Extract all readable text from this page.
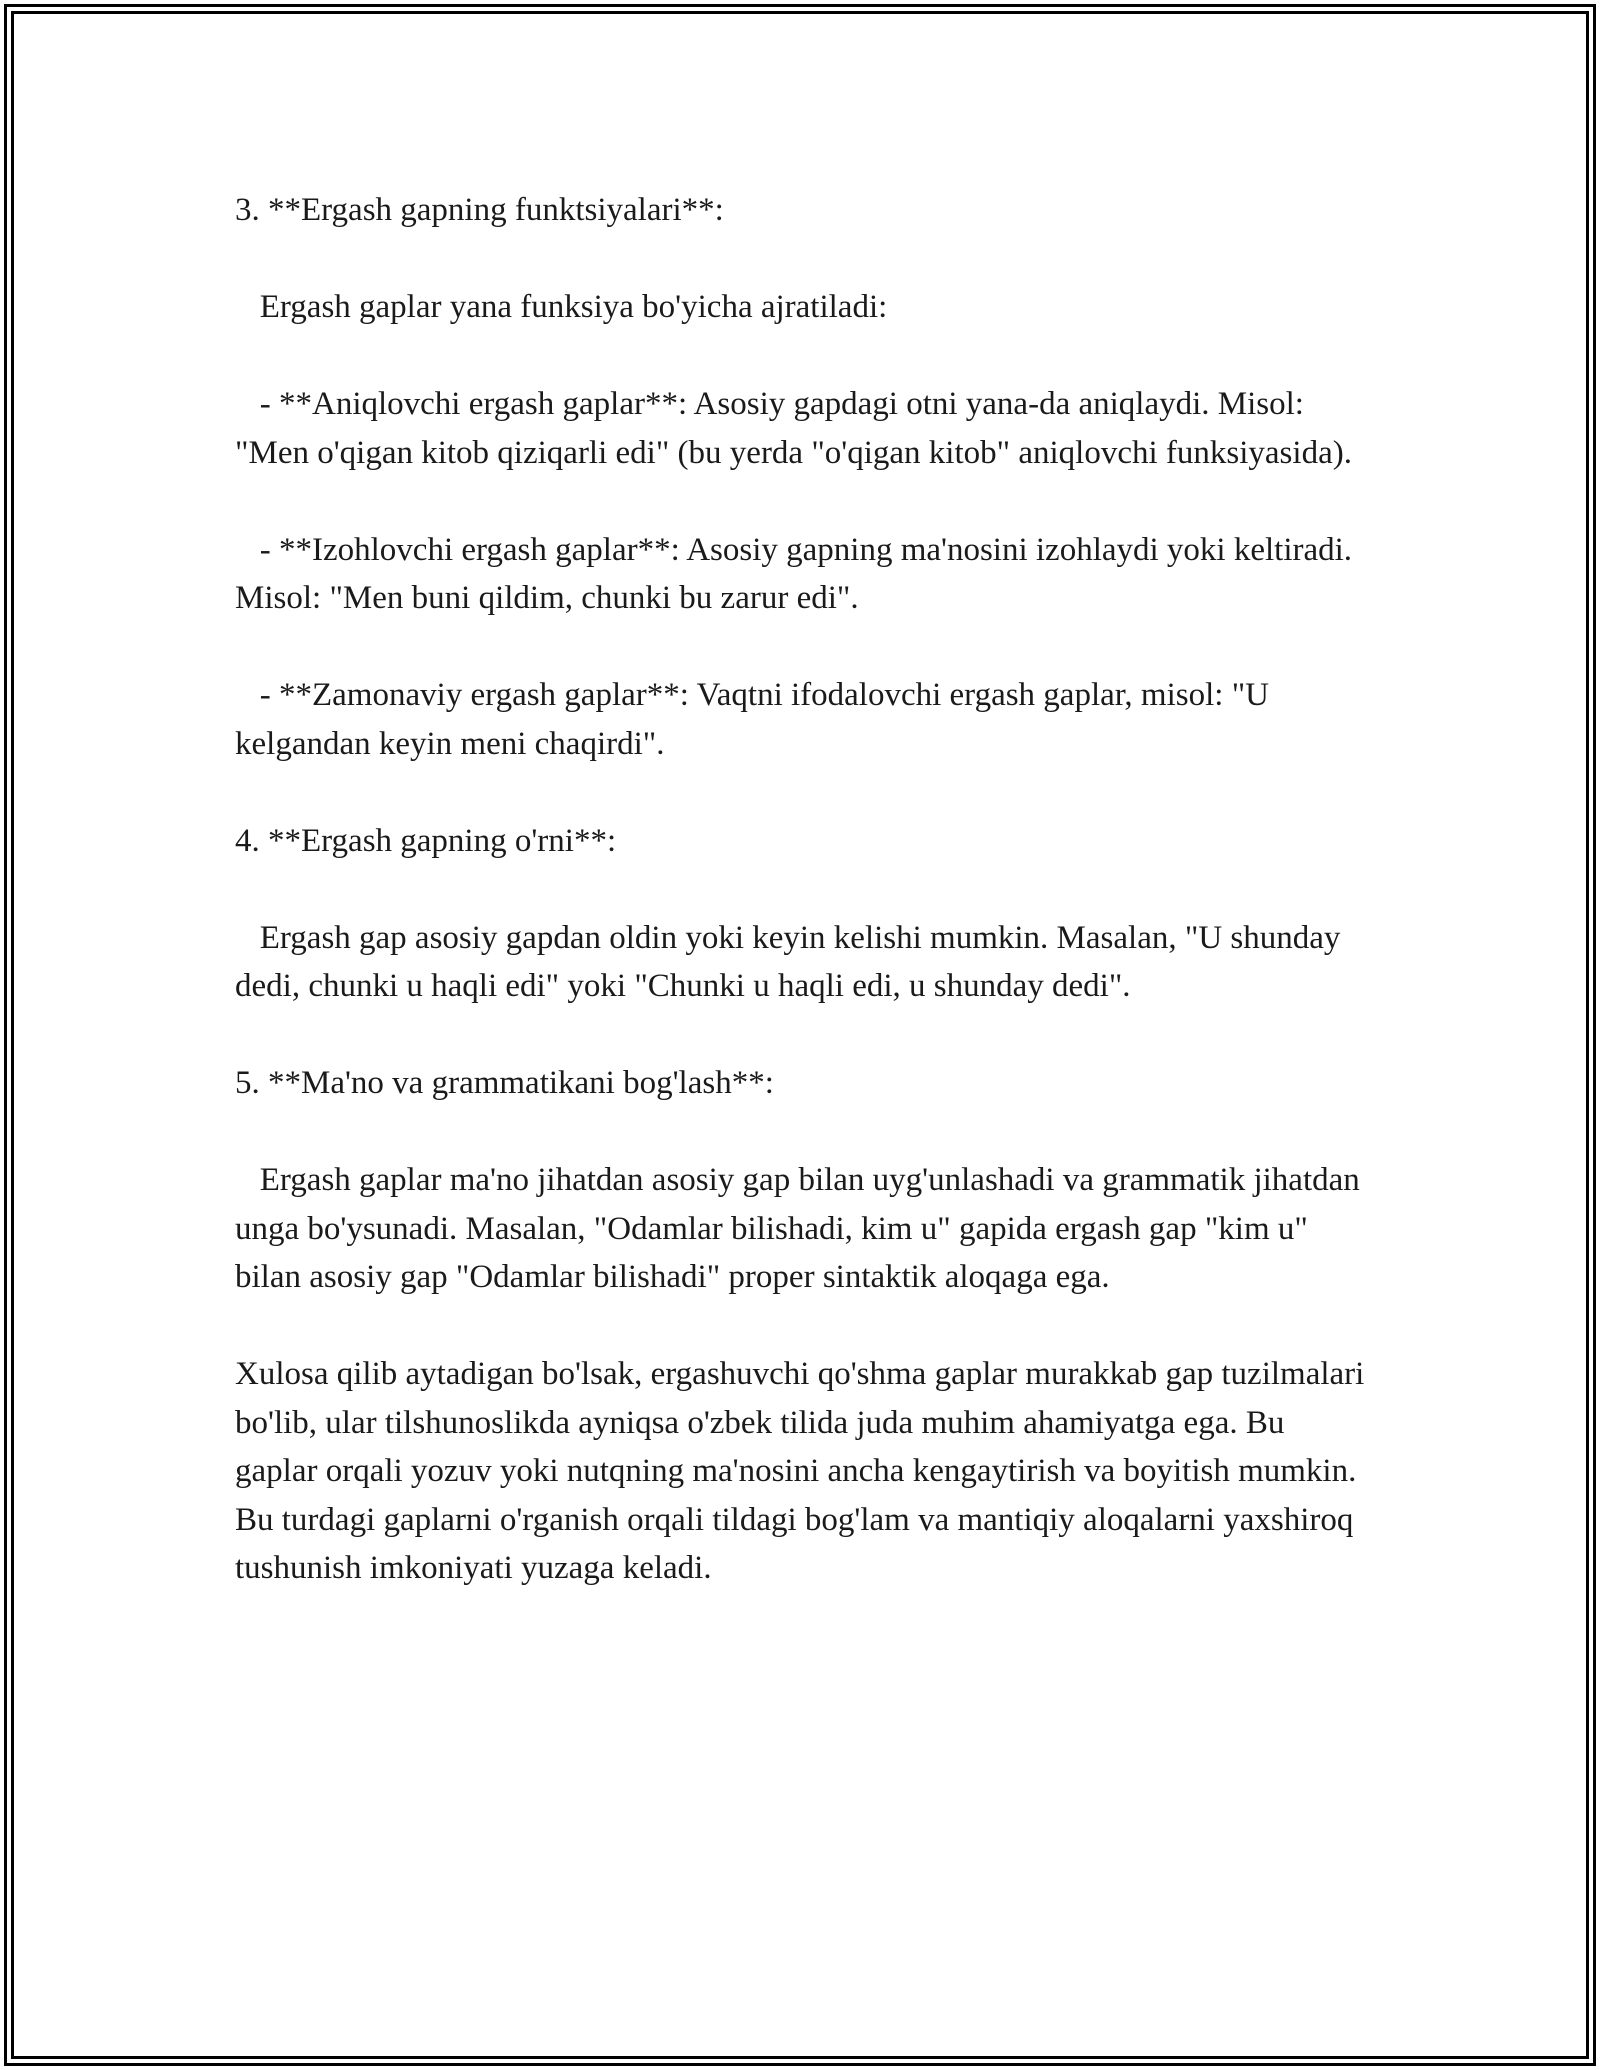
3. **Ergash gapning funktsiyalari**:

Ergash gaplar yana funksiya bo'yicha ajratiladi:

- **Aniqlovchi ergash gaplar**: Asosiy gapdagi otni yana-da aniqlaydi. Misol: "Men o'qigan kitob qiziqarli edi" (bu yerda "o'qigan kitob" aniqlovchi funksiyasida).

- **Izohlovchi ergash gaplar**: Asosiy gapning ma'nosini izohlaydi yoki keltiradi. Misol: "Men buni qildim, chunki bu zarur edi".

- **Zamonaviy ergash gaplar**: Vaqtni ifodalovchi ergash gaplar, misol: "U kelgandan keyin meni chaqirdi".

4. **Ergash gapning o'rni**:

Ergash gap asosiy gapdan oldin yoki keyin kelishi mumkin. Masalan, "U shunday dedi, chunki u haqli edi" yoki "Chunki u haqli edi, u shunday dedi".

5. **Ma'no va grammatikani bog'lash**:

Ergash gaplar ma'no jihatdan asosiy gap bilan uyg'unlashadi va grammatik jihatdan unga bo'ysunadi. Masalan, "Odamlar bilishadi, kim u" gapida ergash gap "kim u" bilan asosiy gap "Odamlar bilishadi" proper sintaktik aloqaga ega.

Xulosa qilib aytadigan bo'lsak, ergashuvchi qo'shma gaplar murakkab gap tuzilmalari bo'lib, ular tilshunoslikda ayniqsa o'zbek tilida juda muhim ahamiyatga ega. Bu gaplar orqali yozuv yoki nutqning ma'nosini ancha kengaytirish va boyitish mumkin. Bu turdagi gaplarni o'rganish orqali tildagi bog'lam va mantiqiy aloqalarni yaxshiroq tushunish imkoniyati yuzaga keladi.
